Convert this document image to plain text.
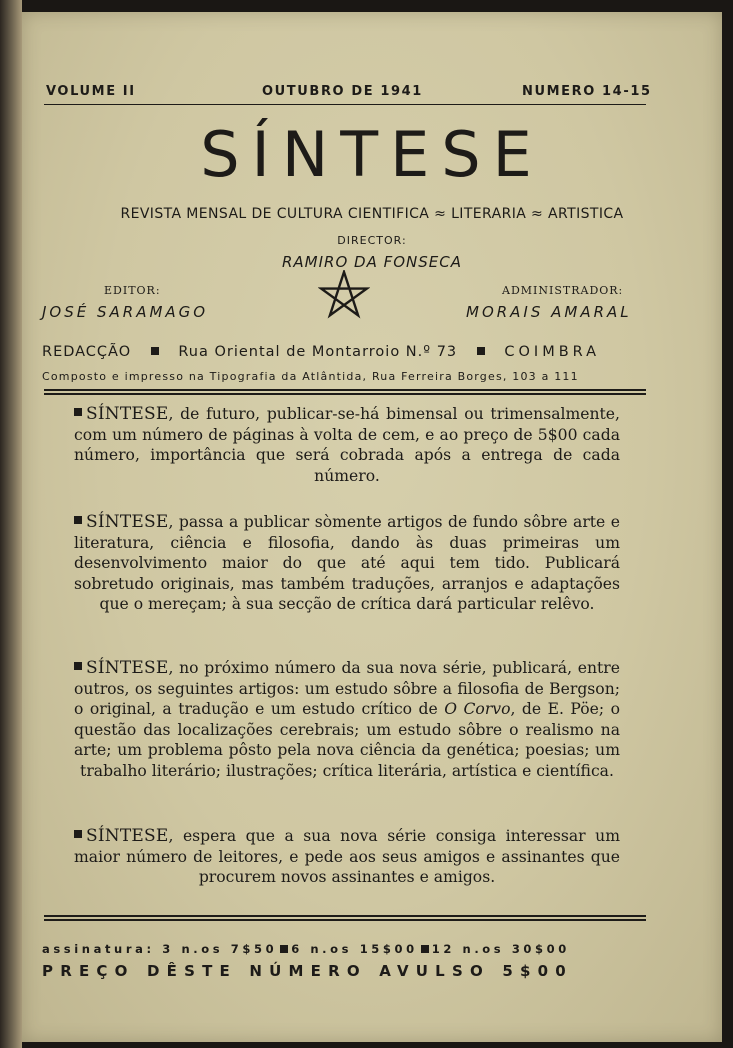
VOLUME II	OUTUBRO DE 1941	NUMERO 14-15
SÍNTESE
REVISTA MENSAL DE CULTURA CIENTIFICA ≈ LITERARIA ≈ ARTISTICA
DIRECTOR:
RAMIRO DA FONSECA
EDITOR:
JOSÉ SARAMAGO
ADMINISTRADOR:
MORAIS AMARAL
REDACÇÃO	Rua Oriental de Montarroio N.º 73	COIMBRA
Composto e impresso na Tipografia da Atlântida, Rua Ferreira Borges, 103 a 111
SÍNTESE, de futuro, publicar-se-há bimensal ou trimensalmente, com um número de páginas à volta de cem, e ao preço de 5$00 cada número, importância que será cobrada após a entrega de cada número.
SÍNTESE, passa a publicar sòmente artigos de fundo sôbre arte e literatura, ciência e filosofia, dando às duas primeiras um desenvolvimento maior do que até aqui tem tido. Publicará sobretudo originais, mas também traduções, arranjos e adaptações que o mereçam; à sua secção de crítica dará particular relêvo.
SÍNTESE, no próximo número da sua nova série, publicará, entre outros, os seguintes artigos: um estudo sôbre a filosofia de Bergson; o original, a tradução e um estudo crítico de O Corvo, de E. Pöe; o questão das localizações cerebrais; um estudo sôbre o realismo na arte; um problema pôsto pela nova ciência da genética; poesias; um trabalho literário; ilustrações; crítica literária, artística e científica.
SÍNTESE, espera que a sua nova série consiga interessar um maior número de leitores, e pede aos seus amigos e assinantes que procurem novos assinantes e amigos.
assinatura: 3 n.os 7$50 6 n.os 15$00 12 n.os 30$00
PREÇO DÊSTE NÚMERO AVULSO 5$00
